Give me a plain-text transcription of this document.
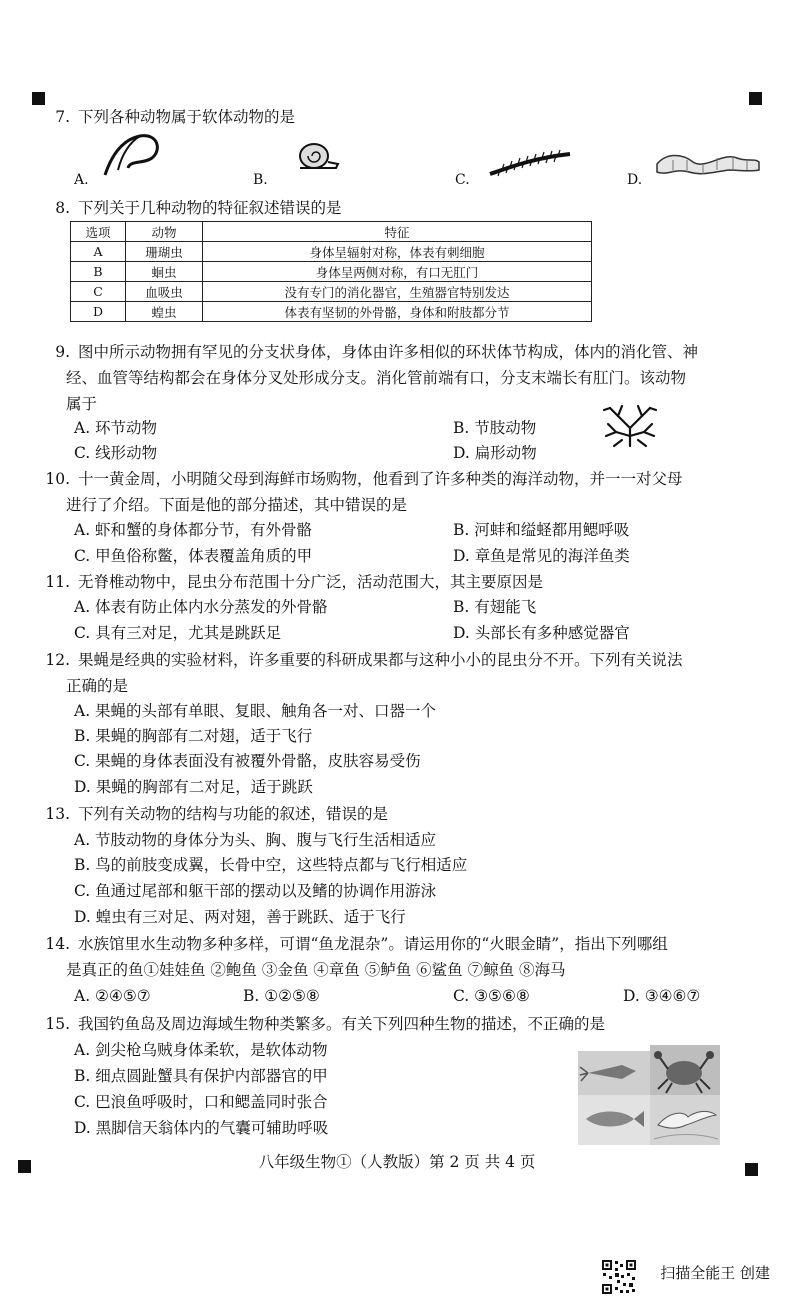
7. 下列各种动物属于软体动物的是
A.	B.	C.	D.
8. 下列关于几种动物的特征叙述错误的是
选项	动物	特征
A	珊瑚虫	身体呈辐射对称，体表有刺细胞
B	蛔虫	身体呈两侧对称，有口无肛门
C	血吸虫	没有专门的消化器官，生殖器官特别发达
D	蝗虫	体表有坚韧的外骨骼，身体和附肢都分节
9. 图中所示动物拥有罕见的分支状身体，身体由许多相似的环状体节构成，体内的消化管、神
经、血管等结构都会在身体分叉处形成分支。消化管前端有口，分支末端长有肛门。该动物
属于
A. 环节动物	B. 节肢动物
C. 线形动物	D. 扁形动物
10. 十一黄金周，小明随父母到海鲜市场购物，他看到了许多种类的海洋动物，并一一对父母
进行了介绍。下面是他的部分描述，其中错误的是
A. 虾和蟹的身体都分节，有外骨骼	B. 河蚌和缢蛏都用鳃呼吸
C. 甲鱼俗称鳖，体表覆盖角质的甲	D. 章鱼是常见的海洋鱼类
11. 无脊椎动物中，昆虫分布范围十分广泛，活动范围大，其主要原因是
A. 体表有防止体内水分蒸发的外骨骼	B. 有翅能飞
C. 具有三对足，尤其是跳跃足	D. 头部长有多种感觉器官
12. 果蝇是经典的实验材料，许多重要的科研成果都与这种小小的昆虫分不开。下列有关说法
正确的是
A. 果蝇的头部有单眼、复眼、触角各一对、口器一个
B. 果蝇的胸部有二对翅，适于飞行
C. 果蝇的身体表面没有被覆外骨骼，皮肤容易受伤
D. 果蝇的胸部有二对足，适于跳跃
13. 下列有关动物的结构与功能的叙述，错误的是
A. 节肢动物的身体分为头、胸、腹与飞行生活相适应
B. 鸟的前肢变成翼，长骨中空，这些特点都与飞行相适应
C. 鱼通过尾部和躯干部的摆动以及鳍的协调作用游泳
D. 蝗虫有三对足、两对翅，善于跳跃、适于飞行
14. 水族馆里水生动物多种多样，可谓“鱼龙混杂”。请运用你的“火眼金睛”，指出下列哪组
是真正的鱼①娃娃鱼 ②鲍鱼 ③金鱼 ④章鱼 ⑤鲈鱼 ⑥鲨鱼 ⑦鲸鱼 ⑧海马
A. ②④⑤⑦	B. ①②⑤⑧	C. ③⑤⑥⑧	D. ③④⑥⑦
15. 我国钓鱼岛及周边海域生物种类繁多。有关下列四种生物的描述，不正确的是
A. 剑尖枪乌贼身体柔软，是软体动物
B. 细点圆趾蟹具有保护内部器官的甲
C. 巴浪鱼呼吸时，口和鳃盖同时张合
D. 黑脚信天翁体内的气囊可辅助呼吸
八年级生物①（人教版）第 2 页 共 4 页
扫描全能王 创建
